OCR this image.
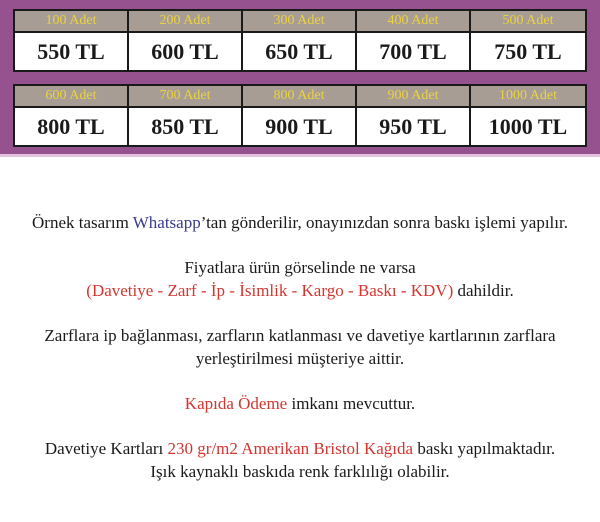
100 Adet
550 TL
200 Adet
600 TL
300 Adet
650 TL
400 Adet
700 TL
500 Adet
750 TL
600 Adet
800 TL
700 Adet
850 TL
800 Adet
900 TL
900 Adet
950 TL
1000 Adet
1000 TL

Örnek tasarım Whatsapp’tan gönderilir, onayınızdan sonra baskı işlemi yapılır.

Fiyatlara ürün görselinde ne varsa
(Davetiye - Zarf - İp - İsimlik - Kargo - Baskı - KDV) dahildir.

Zarflara ip bağlanması, zarfların katlanması ve davetiye kartlarının zarflara
yerleştirilmesi müşteriye aittir.

Kapıda Ödeme imkanı mevcuttur.

Davetiye Kartları 230 gr/m2 Amerikan Bristol Kağıda baskı yapılmaktadır.
Işık kaynaklı baskıda renk farklılığı olabilir.
